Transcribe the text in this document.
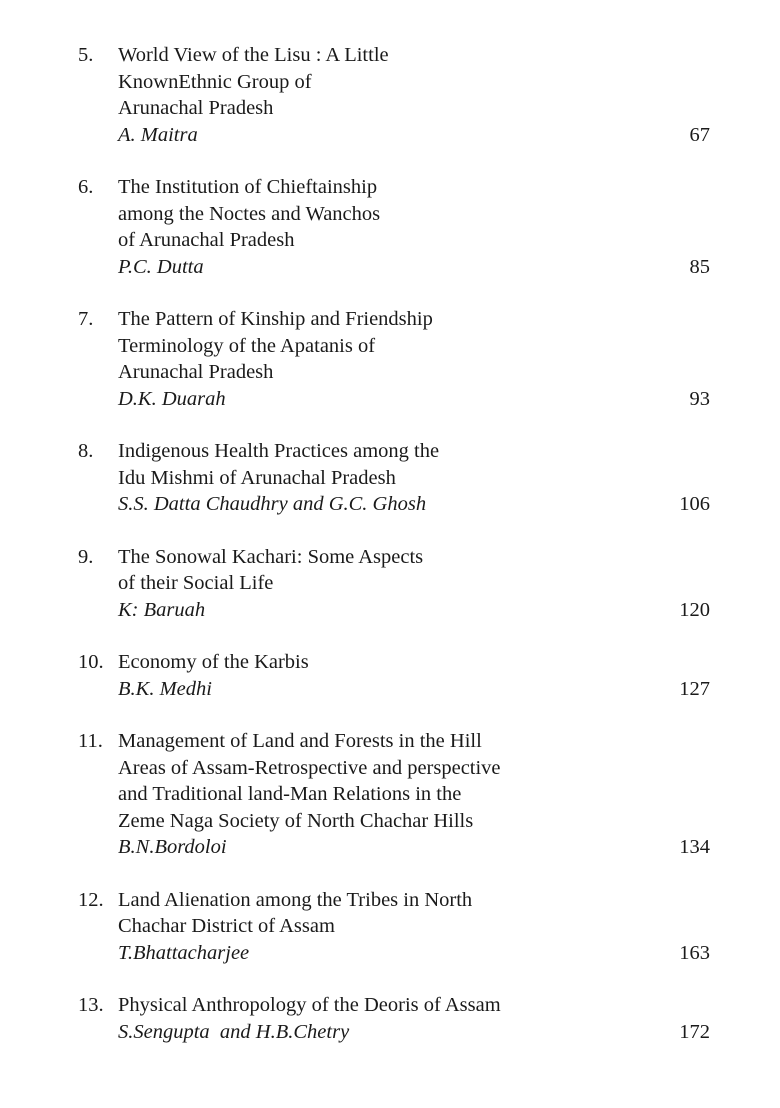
5. World View of the Lisu : A Little
KnownEthnic Group of
Arunachal Pradesh
A. Maitra	67
6. The Institution of Chieftainship
among the Noctes and Wanchos
of Arunachal Pradesh
P.C. Dutta	85
7. The Pattern of Kinship and Friendship
Terminology of the Apatanis of
Arunachal Pradesh
D.K. Duarah	93
8. Indigenous Health Practices among the
Idu Mishmi of Arunachal Pradesh
S.S. Datta Chaudhry and G.C. Ghosh	106
9. The Sonowal Kachari: Some Aspects
of their Social Life
K: Baruah	120
10. Economy of the Karbis
B.K. Medhi	127
11. Management of Land and Forests in the Hill
Areas of Assam-Retrospective and perspective
and Traditional land-Man Relations in the
Zeme Naga Society of North Chachar Hills
B.N.Bordoloi	134
12. Land Alienation among the Tribes in North
Chachar District of Assam
T.Bhattacharjee	163
13. Physical Anthropology of the Deoris of Assam
S.Sengupta  and H.B.Chetry	172
